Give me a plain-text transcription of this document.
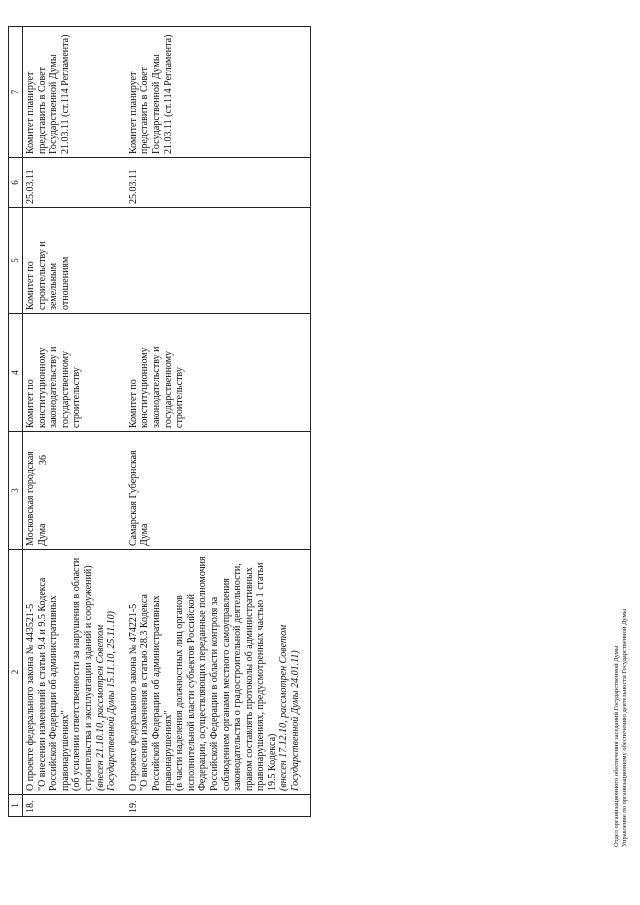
36
1	2	3	4	5	6	7
18.	О проекте федерального закона № 443521-5 "О внесении изменений в статьи 9.4 и 9.5 Кодекса Российской Федерации об административных правонарушениях" (об усилении ответственности за нарушения в области строительства и эксплуатации зданий и сооружений) (внесен 21.10.10, рассмотрен Советом Государственной Думы 15.11.10, 25.11.10)	Московская городская Дума	Комитет по конституционному законодательству и государственному строительству	Комитет по строительству и земельным отношениям	25.03.11	Комитет планирует представить в Совет Государственной Думы 21.03.11 (ст.114 Регламента)
19.	О проекте федерального закона № 474221-5 "О внесении изменения в статью 28.3 Кодекса Российской Федерации об административных правонарушениях" (в части наделения должностных лиц органов исполнительной власти субъектов Российской Федерации, осуществляющих переданные полномочия Российской Федерации в области контроля за соблюдением органами местного самоуправления законодательства о градостроительной деятельности, правом составлять протоколы об административных правонарушениях, предусмотренных частью 1 статьи 19.5 Кодекса) (внесен 17.12.10, рассмотрен Советом Государственной Думы 24.01.11)	Самарская Губернская Дума	Комитет по конституционному законодательству и государственному строительству		25.03.11	Комитет планирует представить в Совет Государственной Думы 21.03.11 (ст.114 Регламента)
Отдел организационного обеспечения заседаний Государственной Думы Управление по организационному обеспечению деятельности Государственной Думы
